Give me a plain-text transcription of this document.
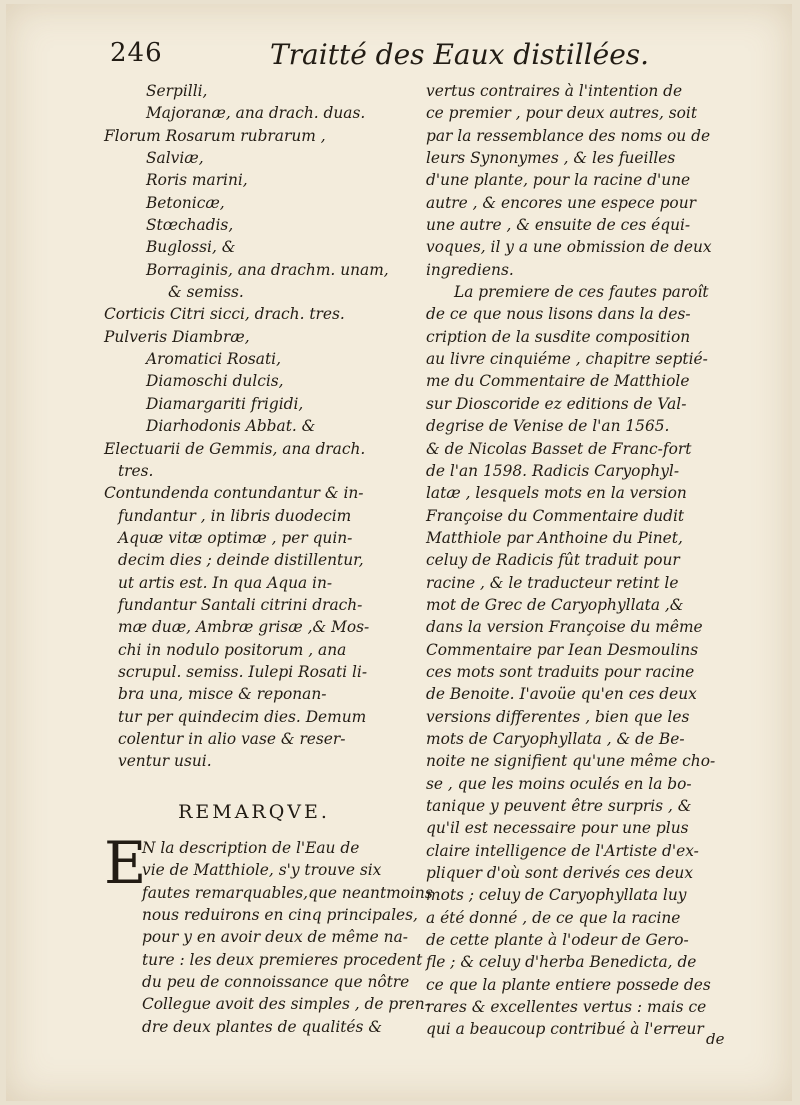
246	Traitté des Eaux distillées.
Serpilli,
Majoranæ, ana drach. duas.
Florum Rosarum rubrarum ,
Salviæ,
Roris marini,
Betonicæ,
Stœchadis,
Buglossi, &
Borraginis, ana drachm. unam,
& semiss.
Corticis Citri sicci, drach. tres.
Pulveris Diambræ,
Aromatici Rosati,
Diamoschi dulcis,
Diamargariti frigidi,
Diarhodonis Abbat. &
Electuarii de Gemmis, ana drach.
tres.
Contundenda contundantur & in-
fundantur , in libris duodecim
Aquæ vitæ optimæ , per quin-
decim dies ; deinde distillentur,
ut artis est. In qua Aqua in-
fundantur Santali citrini drach-
mæ duæ, Ambræ grisæ ,& Mos-
chi in nodulo positorum , ana
scrupul. semiss. Iulepi Rosati li-
bra una, misce & reponan-
tur per quindecim dies. Demum
colentur in alio vase & reser-
ventur usui.
REMARQVE.
E
N la description de l'Eau de
vie de Matthiole, s'y trouve six
fautes remarquables,que neantmoins
nous reduirons en cinq principales,
pour y en avoir deux de même na-
ture : les deux premieres procedent
du peu de connoissance que nôtre
Collegue avoit des simples , de pren-
dre deux plantes de qualités &
vertus contraires à l'intention de
ce premier , pour deux autres, soit
par la ressemblance des noms ou de
leurs Synonymes , & les fueilles
d'une plante, pour la racine d'une
autre , & encores une espece pour
une autre , & ensuite de ces équi-
voques, il y a une obmission de deux
ingrediens.
La premiere de ces fautes paroît
de ce que nous lisons dans la des-
cription de la susdite composition
au livre cinquiéme , chapitre septié-
me du Commentaire de Matthiole
sur Dioscoride ez editions de Val-
degrise de Venise de l'an 1565.
& de Nicolas Basset de Franc-fort
de l'an 1598. Radicis Caryophyl-
latæ , lesquels mots en la version
Françoise du Commentaire dudit
Matthiole par Anthoine du Pinet,
celuy de Radicis fût traduit pour
racine , & le traducteur retint le
mot de Grec de Caryophyllata ,&
dans la version Françoise du même
Commentaire par Iean Desmoulins
ces mots sont traduits pour racine
de Benoite. I'avoüe qu'en ces deux
versions differentes , bien que les
mots de Caryophyllata , & de Be-
noite ne signifient qu'une même cho-
se , que les moins oculés en la bo-
tanique y peuvent être surpris , &
qu'il est necessaire pour une plus
claire intelligence de l'Artiste d'ex-
pliquer d'où sont derivés ces deux
mots ; celuy de Caryophyllata luy
a été donné , de ce que la racine
de cette plante à l'odeur de Gero-
fle ; & celuy d'herba Benedicta, de
ce que la plante entiere possede des
rares & excellentes vertus : mais ce
qui a beaucoup contribué à l'erreur
de
